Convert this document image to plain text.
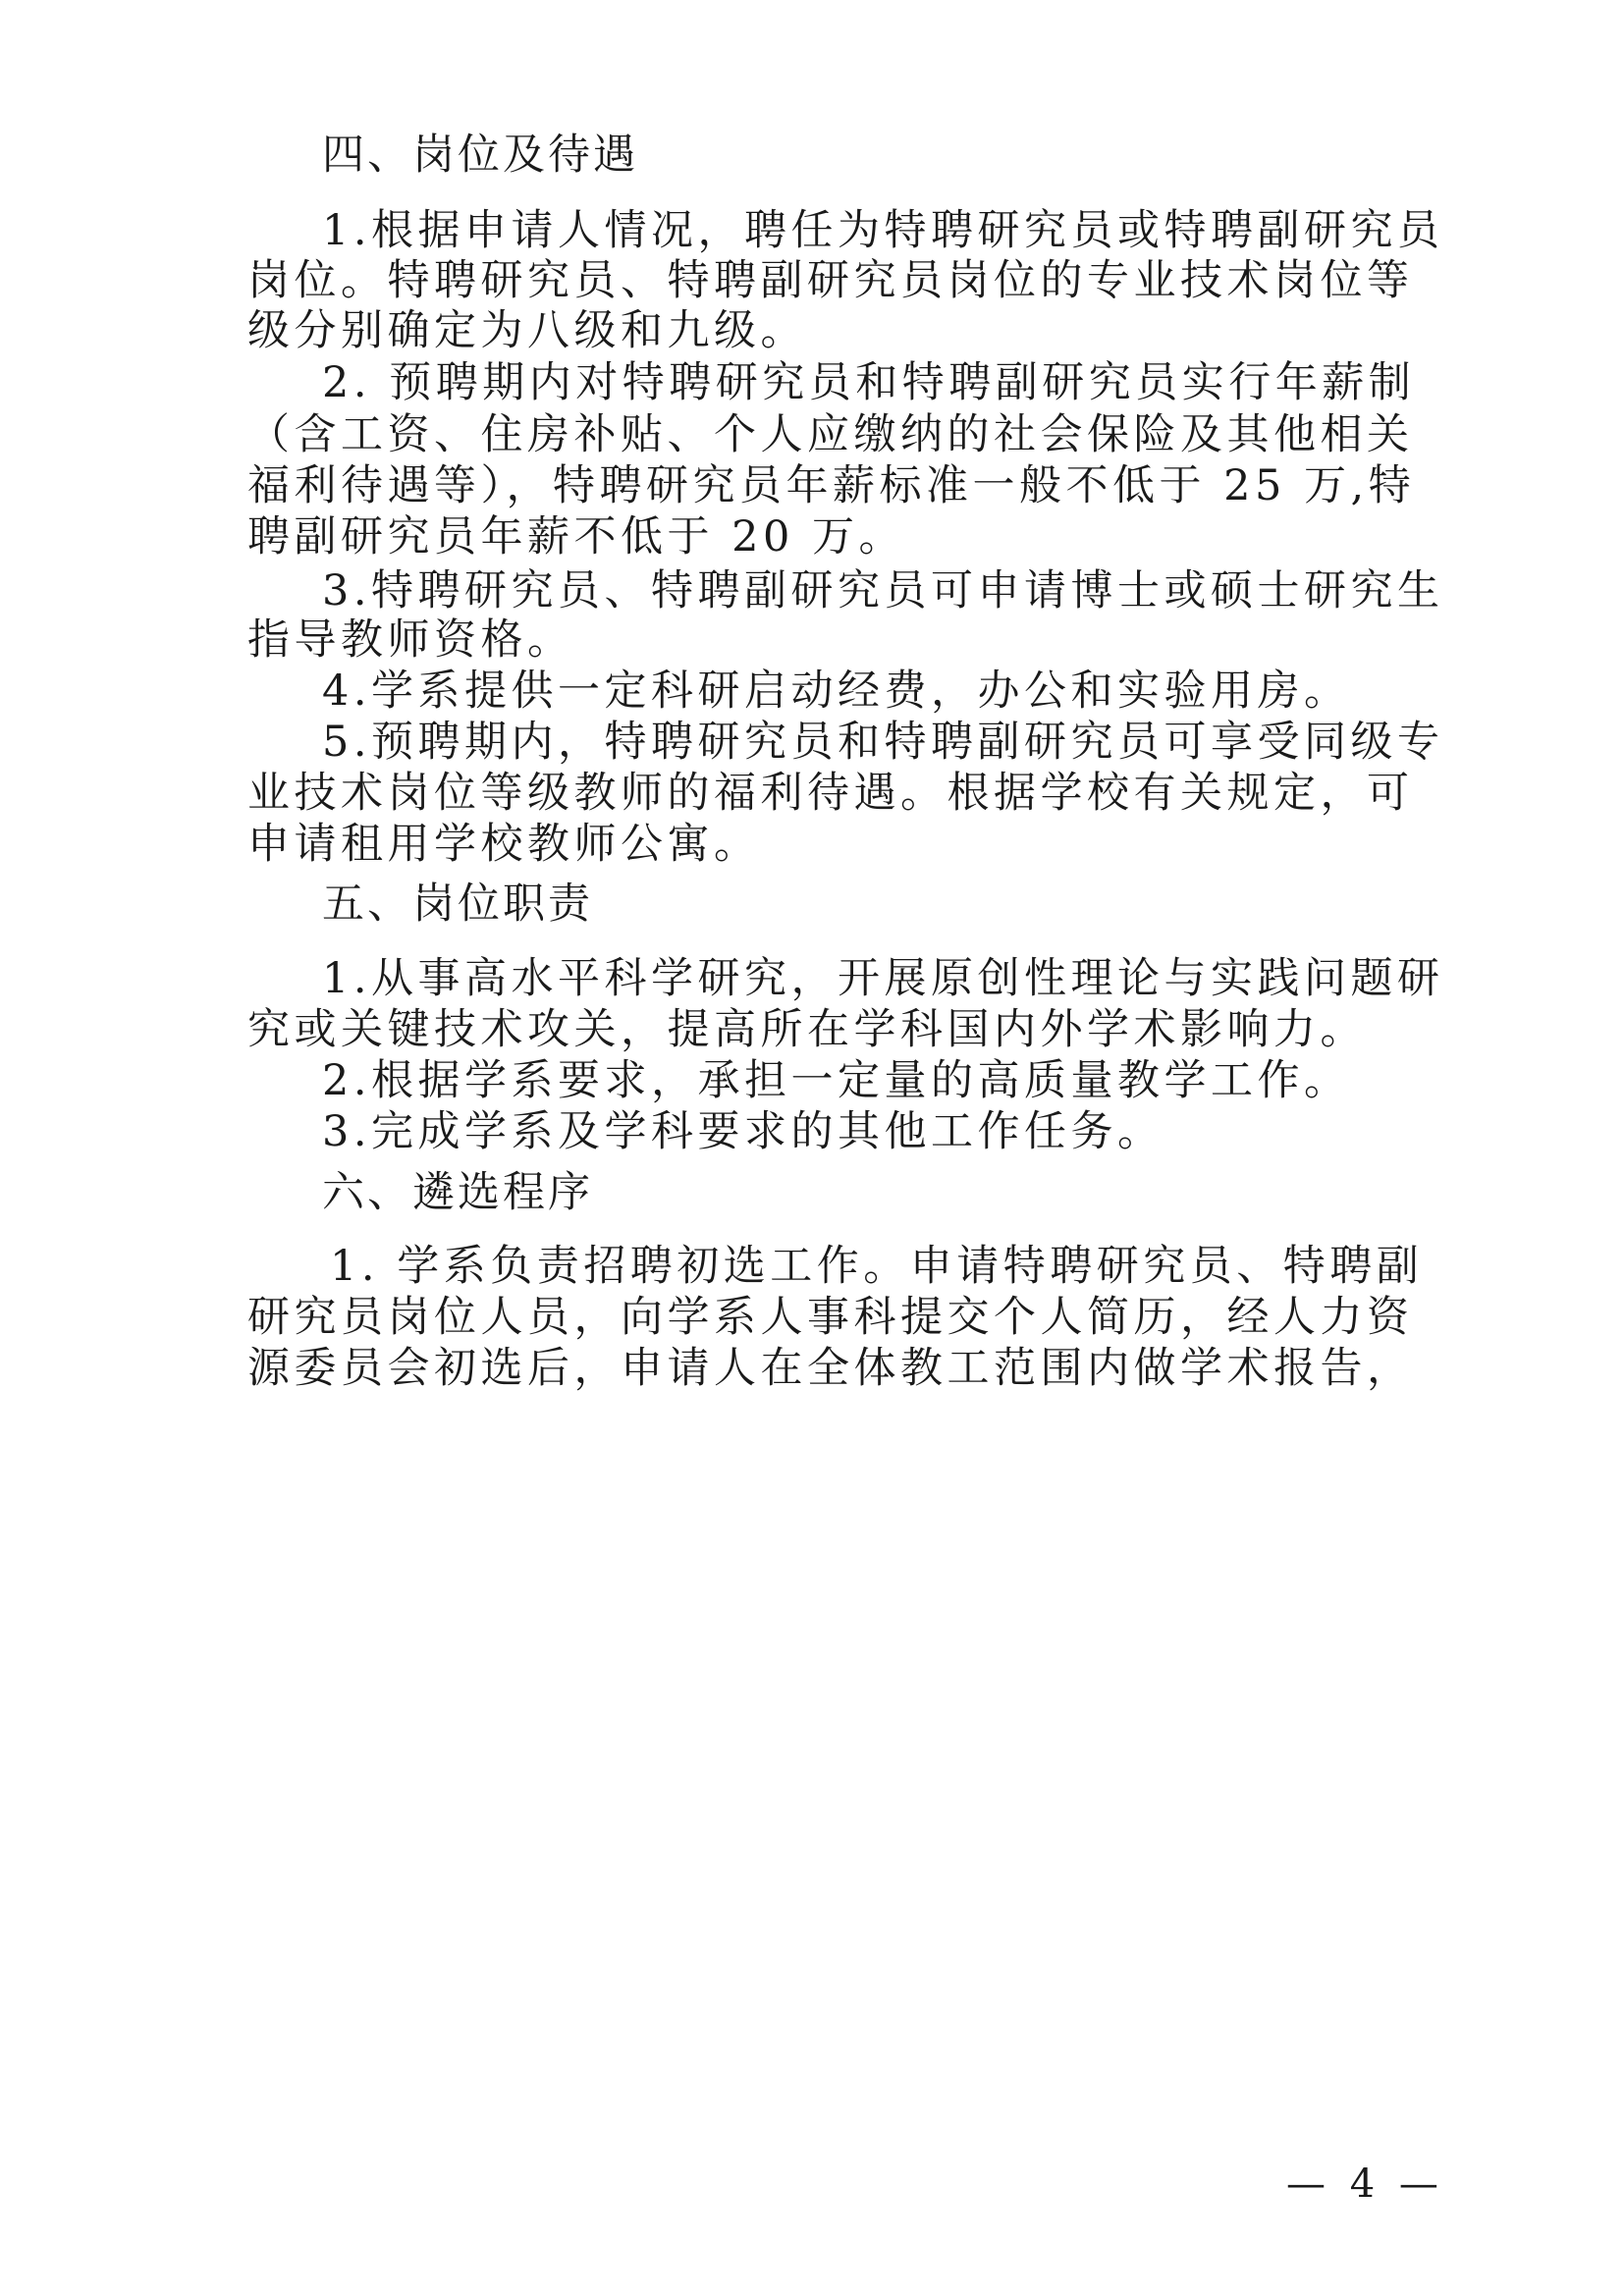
四、岗位及待遇
1.根据申请人情况，聘任为特聘研究员或特聘副研究员
岗位。特聘研究员、特聘副研究员岗位的专业技术岗位等
级分别确定为八级和九级。
2. 预聘期内对特聘研究员和特聘副研究员实行年薪制
（含工资、住房补贴、个人应缴纳的社会保险及其他相关
福利待遇等），特聘研究员年薪标准一般不低于 25 万,特
聘副研究员年薪不低于 20 万。
3.特聘研究员、特聘副研究员可申请博士或硕士研究生
指导教师资格。
4.学系提供一定科研启动经费，办公和实验用房。
5.预聘期内，特聘研究员和特聘副研究员可享受同级专
业技术岗位等级教师的福利待遇。根据学校有关规定，可
申请租用学校教师公寓。
五、岗位职责
1.从事高水平科学研究，开展原创性理论与实践问题研
究或关键技术攻关，提高所在学科国内外学术影响力。
2.根据学系要求，承担一定量的高质量教学工作。
3.完成学系及学科要求的其他工作任务。
六、遴选程序
1. 学系负责招聘初选工作。申请特聘研究员、特聘副
研究员岗位人员，向学系人事科提交个人简历，经人力资
源委员会初选后，申请人在全体教工范围内做学术报告，
— 4 —
